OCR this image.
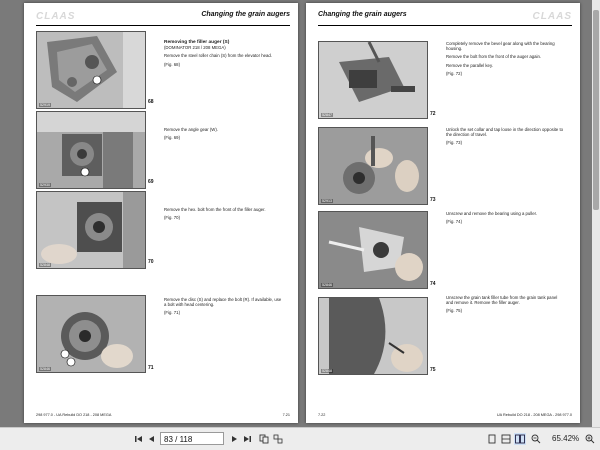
CLAAS	Changing the grain augers
52919	68

Removing the filler auger (S)
(DOMINATOR 218 / 208 MEGA)

Remove the steel roller chain (S) from the elevator head.

(Fig. 68)

52930	69

Remove the angle gear (W).

(Fig. 69)

52848	70

Remove the hex. bolt from the front of the filler auger.

(Fig. 70)

52846	71

Remove the disc (S) and replace the bolt (R). If available, use a bolt with head centering.

(Fig. 71)

298 977.0 - UA Rebuild DO 218 - 208 MEGA	7.21
Changing the grain augers	CLAAS
52847	72

Completely remove the bevel gear along with the bearing housing.

Remove the bolt from the front of the auger again.

Remove the parallel key.

(Fig. 72)

52913	73

Unlock the set collar and tap loose in the direction opposite to the direction of travel.

(Fig. 73)

52846	74

Unscrew and remove the bearing using a puller.

(Fig. 74)

52848	75

Unscrew the grain tank filler tube from the grain tank panel and remove it. Remove the filler auger.

(Fig. 75)

7.22	UA Rebuild DO 218 - 208 MEGA - 298 977.0
83 / 118	65.42%
